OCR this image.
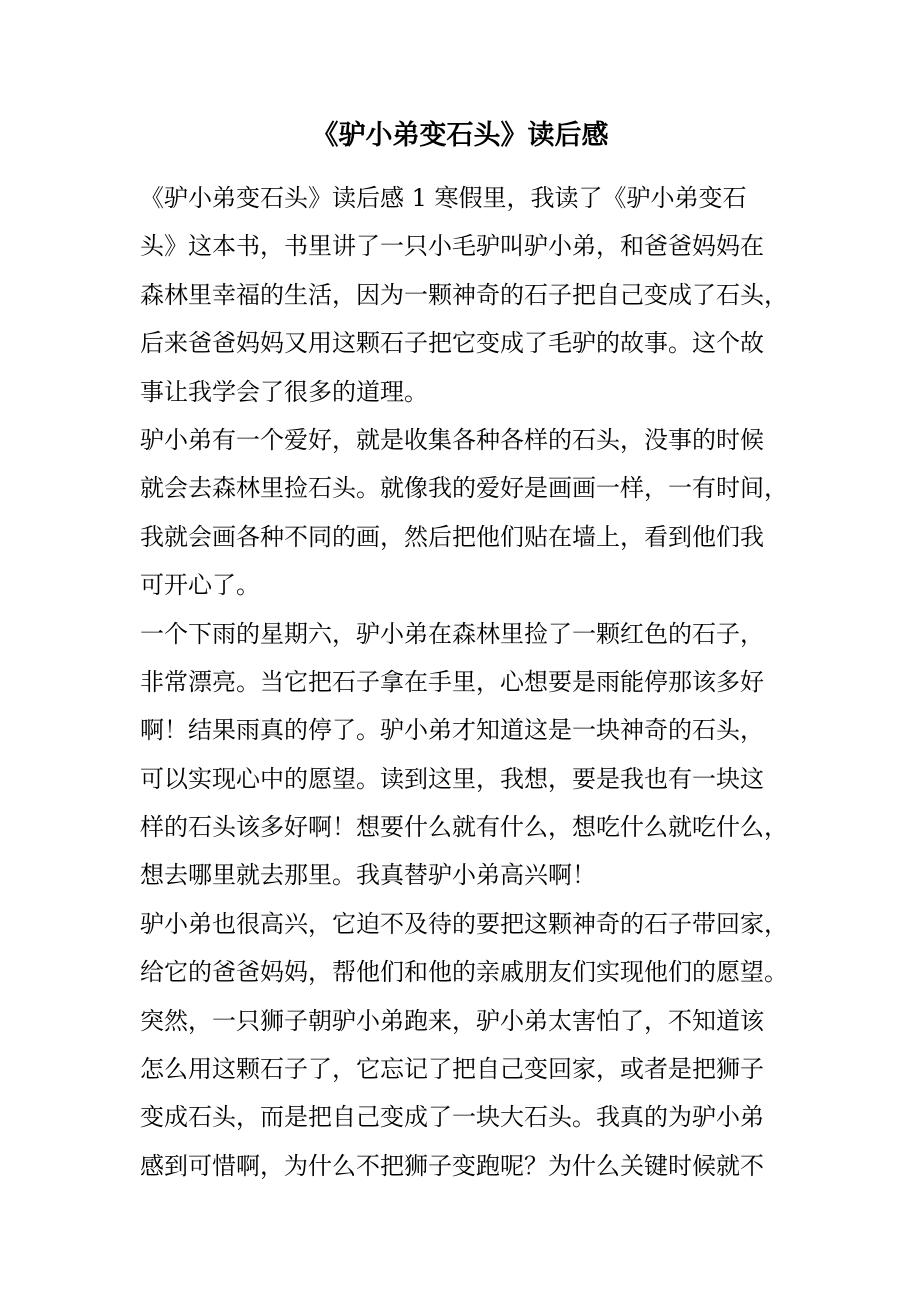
《驴小弟变石头》读后感
《驴小弟变石头》读后感 1 寒假里，我读了《驴小弟变石
头》这本书，书里讲了一只小毛驴叫驴小弟，和爸爸妈妈在
森林里幸福的生活，因为一颗神奇的石子把自己变成了石头，
后来爸爸妈妈又用这颗石子把它变成了毛驴的故事。这个故
事让我学会了很多的道理。
驴小弟有一个爱好，就是收集各种各样的石头，没事的时候
就会去森林里捡石头。就像我的爱好是画画一样，一有时间，
我就会画各种不同的画，然后把他们贴在墙上，看到他们我
可开心了。
一个下雨的星期六，驴小弟在森林里捡了一颗红色的石子，
非常漂亮。当它把石子拿在手里，心想要是雨能停那该多好
啊！结果雨真的停了。驴小弟才知道这是一块神奇的石头，
可以实现心中的愿望。读到这里，我想，要是我也有一块这
样的石头该多好啊！想要什么就有什么，想吃什么就吃什么，
想去哪里就去那里。我真替驴小弟高兴啊！
驴小弟也很高兴，它迫不及待的要把这颗神奇的石子带回家，
给它的爸爸妈妈，帮他们和他的亲戚朋友们实现他们的愿望。
突然，一只狮子朝驴小弟跑来，驴小弟太害怕了，不知道该
怎么用这颗石子了，它忘记了把自己变回家，或者是把狮子
变成石头，而是把自己变成了一块大石头。我真的为驴小弟
感到可惜啊，为什么不把狮子变跑呢？为什么关键时候就不
